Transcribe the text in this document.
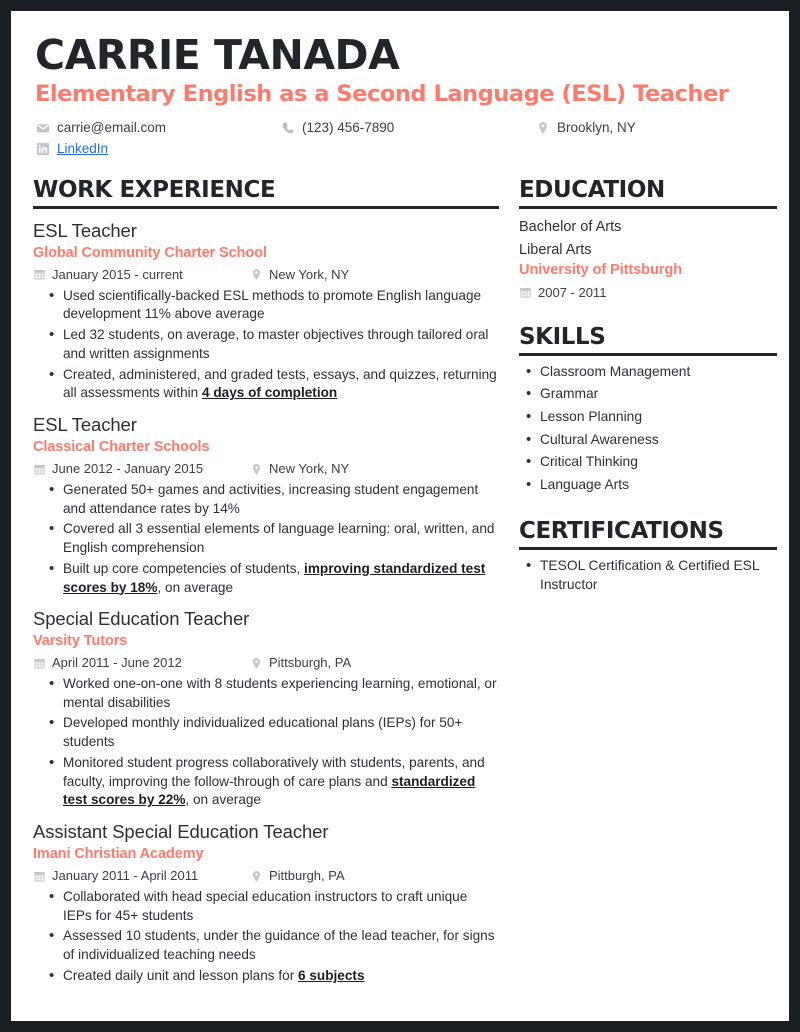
CARRIE TANADA
Elementary English as a Second Language (ESL) Teacher
carrie@email.com	(123) 456-7890	Brooklyn, NY
LinkedIn
WORK EXPERIENCE
ESL Teacher
Global Community Charter School
January 2015 - current	New York, NY
• Used scientifically-backed ESL methods to promote English language development 11% above average
• Led 32 students, on average, to master objectives through tailored oral and written assignments
• Created, administered, and graded tests, essays, and quizzes, returning all assessments within 4 days of completion
ESL Teacher
Classical Charter Schools
June 2012 - January 2015	New York, NY
• Generated 50+ games and activities, increasing student engagement and attendance rates by 14%
• Covered all 3 essential elements of language learning: oral, written, and English comprehension
• Built up core competencies of students, improving standardized test scores by 18%, on average
Special Education Teacher
Varsity Tutors
April 2011 - June 2012	Pittsburgh, PA
• Worked one-on-one with 8 students experiencing learning, emotional, or mental disabilities
• Developed monthly individualized educational plans (IEPs) for 50+ students
• Monitored student progress collaboratively with students, parents, and faculty, improving the follow-through of care plans and standardized test scores by 22%, on average
Assistant Special Education Teacher
Imani Christian Academy
January 2011 - April 2011	Pittburgh, PA
• Collaborated with head special education instructors to craft unique IEPs for 45+ students
• Assessed 10 students, under the guidance of the lead teacher, for signs of individualized teaching needs
• Created daily unit and lesson plans for 6 subjects
EDUCATION
Bachelor of Arts
Liberal Arts
University of Pittsburgh
2007 - 2011
SKILLS
• Classroom Management
• Grammar
• Lesson Planning
• Cultural Awareness
• Critical Thinking
• Language Arts
CERTIFICATIONS
• TESOL Certification & Certified ESL Instructor
